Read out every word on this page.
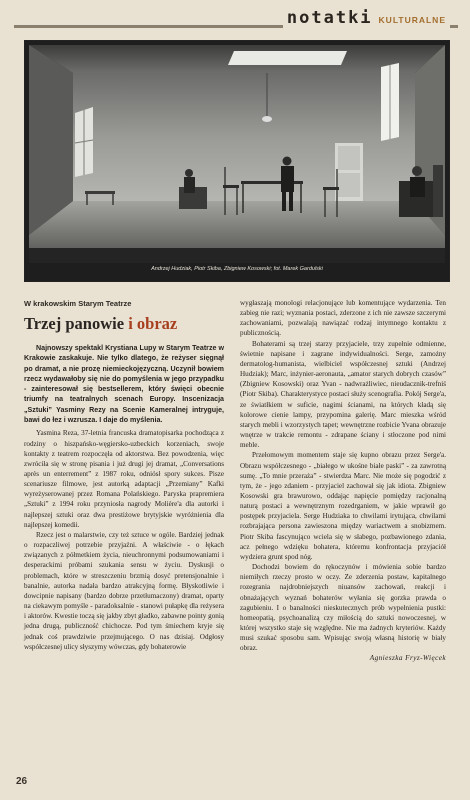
notatki KULTURALNE
Andrzej Hudziak, Piotr Skiba, Zbigniew Kosowski; fot. Marek Gardulski
W krakowskim Starym Teatrze
Trzej panowie i obraz

Najnowszy spektakl Krystiana Lupy w Starym Teatrze w Krakowie zaskakuje. Nie tylko dlatego, że reżyser sięgnął po dramat, a nie prozę niemieckojęzyczną. Uczynił bowiem rzecz wydawałoby się nie do pomyślenia w jego przypadku - zainteresował się bestsellerem, który święci obecnie triumfy na teatralnych scenach Europy. Inscenizacja „Sztuki” Yasminy Rezy na Scenie Kameralnej intryguje, bawi do łez i wzrusza. I daje do myślenia.

Yasmina Reza, 37-letnia francuska dramatopisarka pochodząca z rodziny o hiszpańsko-węgiersko-uzbeckich korzeniach, swoje kontakty z teatrem rozpoczęła od aktorstwa. Bez powodzenia, więc zwróciła się w stronę pisania i już drugi jej dramat, „Conversations après un enterrement” z 1987 roku, odniósł spory sukces. Pisze scenariusze filmowe, jest autorką adaptacji „Przemiany” Kafki wyreżyserowanej przez Romana Polańskiego. Paryska prapremiera „Sztuki” z 1994 roku przyniosła nagrody Molière'a dla autorki i najlepszej sztuki oraz dwa prestiżowe brytyjskie wyróżnienia dla najlepszej komedii.

Rzecz jest o malarstwie, czy też sztuce w ogóle. Bardziej jednak o rozpaczliwej potrzebie przyjaźni. A właściwie - o łękach związanych z półmetkiem życia, nieuchronnymi podsumowaniami i desperackimi próbami szukania sensu w życiu. Dyskusji o problemach, które w streszczeniu brzmią dosyć pretensjonalnie i banalnie, autorka nadała bardzo atrakcyjną formę. Błyskotliwie i dowcipnie napisany (bardzo dobrze przetłumaczony) dramat, oparty na ciekawym pomyśle - paradoksalnie - stanowi pułapkę dla reżysera i aktorów. Kwestie toczą się jakby zbyt gładko, zabawne pointy gonią jedna drugą, publiczność chichocze. Pod tym śmiechem kryje się jednak coś prawdziwie przejmującego. O nas dzisiaj. Odgłosy współczesnej ulicy słyszymy wówczas, gdy bohaterowie

wygłaszają monologi relacjonujące lub komentujące wydarzenia. Ten zabieg nie razi; wyznania postaci, zderzone z ich nie zawsze szczerymi zachowaniami, pozwalają nawiązać rodzaj intymnego kontaktu z publicznością.

Bohaterami są trzej starzy przyjaciele, trzy zupełnie odmienne, świetnie napisane i zagrane indywidualności. Serge, zamożny dermatolog-humanista, wielbiciel współczesnej sztuki (Andrzej Hudziak); Marc, inżynier-aeronauta, „amator starych dobrych czasów” (Zbigniew Kosowski) oraz Yvan - nadwrażliwiec, nieudacznik-trefniś (Piotr Skiba). Charakterystyce postaci służy scenografia. Pokój Serge'a, ze światłkiem w suficie, nagimi ścianami, na których kładą się kolorowe cienie lampy, przypomina galerię. Marc mieszka wśród starych mebli i wzorzystych tapet; wewnętrzne rozbicie Yvana obrazuje wnętrze w trakcie remontu - zdrapane ściany i stłoczone pod nimi meble.

Przełomowym momentem staje się kupno obrazu przez Serge'a. Obrazu współczesnego - „białego w ukośne białe paski” - za zawrotną sumę. „To mnie przeraża” - stwierdza Marc. Nie może się pogodzić z tym, że - jego zdaniem - przyjaciel zachował się jak idiota. Zbigniew Kosowski gra brawurowo, oddając napięcie pomiędzy racjonalną naturą postaci a wewnętrznym rozedrganiem, w jakie wprawił go postępek przyjaciela. Serge Hudziaka to chwilami irytująca, chwilami rozbrajająca persona zawieszona między wariactwem a snobizmem. Piotr Skiba fascynująco wciela się w słabego, pozbawionego zdania, acz pełnego wdzięku bohatera, któremu konfrontacja przyjaciół wydziera grunt spod nóg.

Dochodzi bowiem do rękoczynów i mówienia sobie bardzo niemiłych rzeczy prosto w oczy. Ze zderzenia postaw, kapitalnego rozegrania najdrobniejszych niuansów zachowań, reakcji i obnażających wyznań bohaterów wyłania się gorzka prawda o zagubieniu. I o banalności nieskutecznych prób wypełnienia pustki: homeopatią, psychoanalizą czy miłością do sztuki nowoczesnej, w której wszystko staje się względne. Nie ma żadnych kryteriów. Każdy musi szukać sposobu sam. Wpisując swoją własną historię w biały obraz.

Agnieszka Fryz-Więcek

26
